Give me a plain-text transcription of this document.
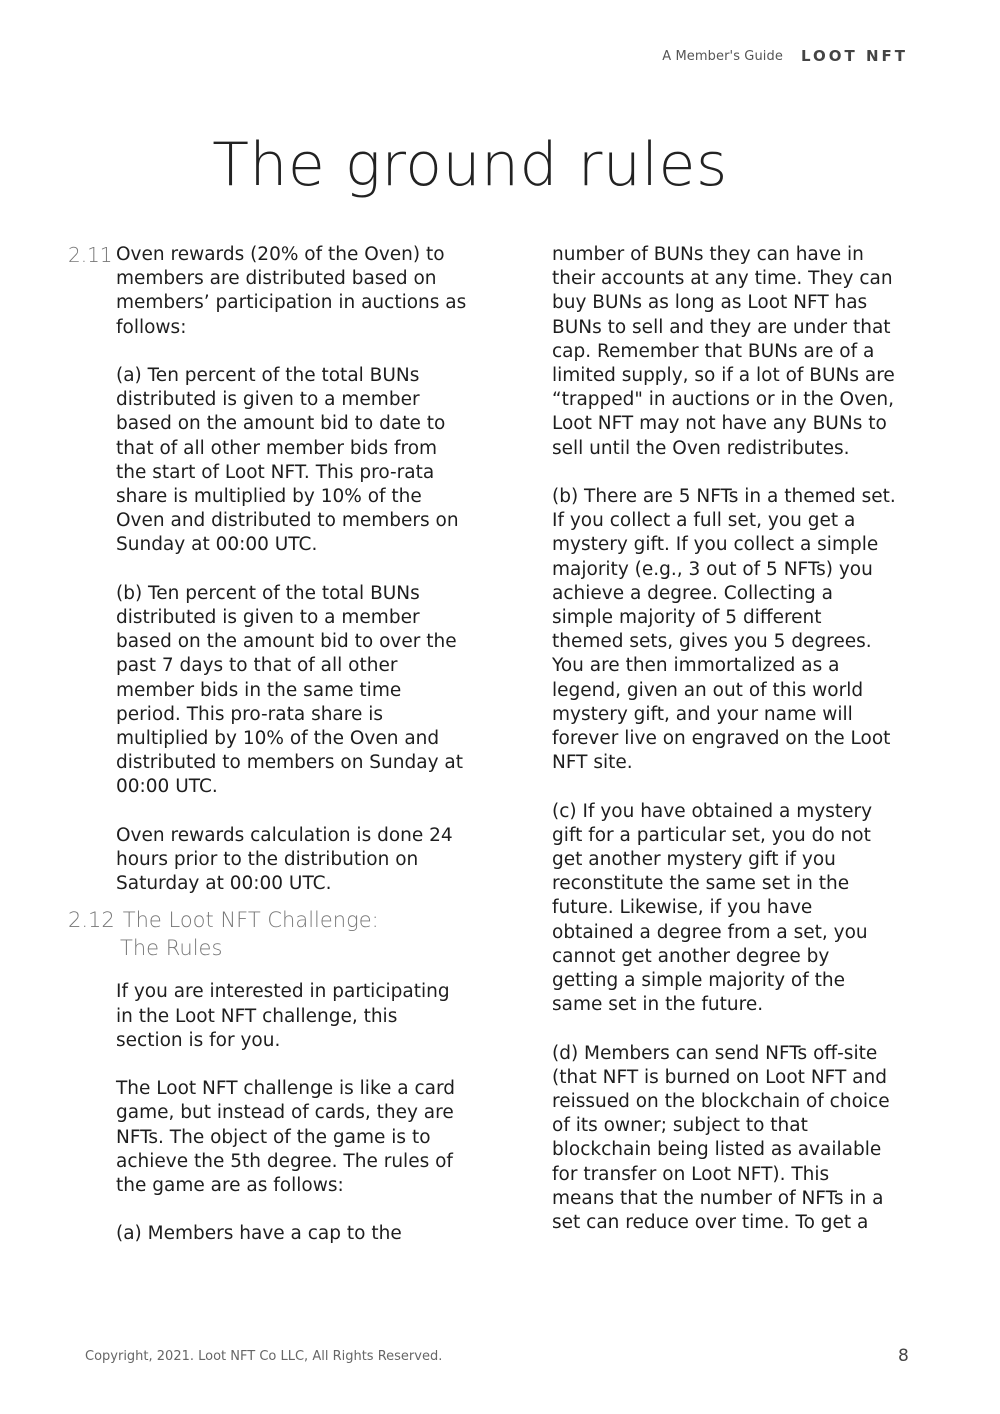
A Member's Guide LOOT NFT
The ground rules
2.11 Oven rewards (20% of the Oven) to members are distributed based on members’ participation in auctions as follows:

(a) Ten percent of the total BUNs distributed is given to a member based on the amount bid to date to that of all other member bids from the start of Loot NFT. This pro-rata share is multiplied by 10% of the Oven and distributed to members on Sunday at 00:00 UTC.

(b) Ten percent of the total BUNs distributed is given to a member based on the amount bid to over the past 7 days to that of all other member bids in the same time period. This pro-rata share is multiplied by 10% of the Oven and distributed to members on Sunday at 00:00 UTC.

Oven rewards calculation is done 24 hours prior to the distribution on Saturday at 00:00 UTC.

2.12 The Loot NFT Challenge:
The Rules

If you are interested in participating in the Loot NFT challenge, this section is for you.

The Loot NFT challenge is like a card game, but instead of cards, they are NFTs. The object of the game is to achieve the 5th degree. The rules of the game are as follows:

(a) Members have a cap to the

number of BUNs they can have in their accounts at any time. They can buy BUNs as long as Loot NFT has BUNs to sell and they are under that cap. Remember that BUNs are of a limited supply, so if a lot of BUNs are “trapped" in auctions or in the Oven, Loot NFT may not have any BUNs to sell until the Oven redistributes.

(b) There are 5 NFTs in a themed set. If you collect a full set, you get a mystery gift. If you collect a simple majority (e.g., 3 out of 5 NFTs) you achieve a degree. Collecting a simple majority of 5 different themed sets, gives you 5 degrees. You are then immortalized as a legend, given an out of this world mystery gift, and your name will forever live on engraved on the Loot NFT site.

(c) If you have obtained a mystery gift for a particular set, you do not get another mystery gift if you reconstitute the same set in the future. Likewise, if you have obtained a degree from a set, you cannot get another degree by getting a simple majority of the same set in the future.

(d) Members can send NFTs off-site (that NFT is burned on Loot NFT and reissued on the blockchain of choice of its owner; subject to that blockchain being listed as available for transfer on Loot NFT). This means that the number of NFTs in a set can reduce over time. To get a

Copyright, 2021. Loot NFT Co LLC, All Rights Reserved.	8
